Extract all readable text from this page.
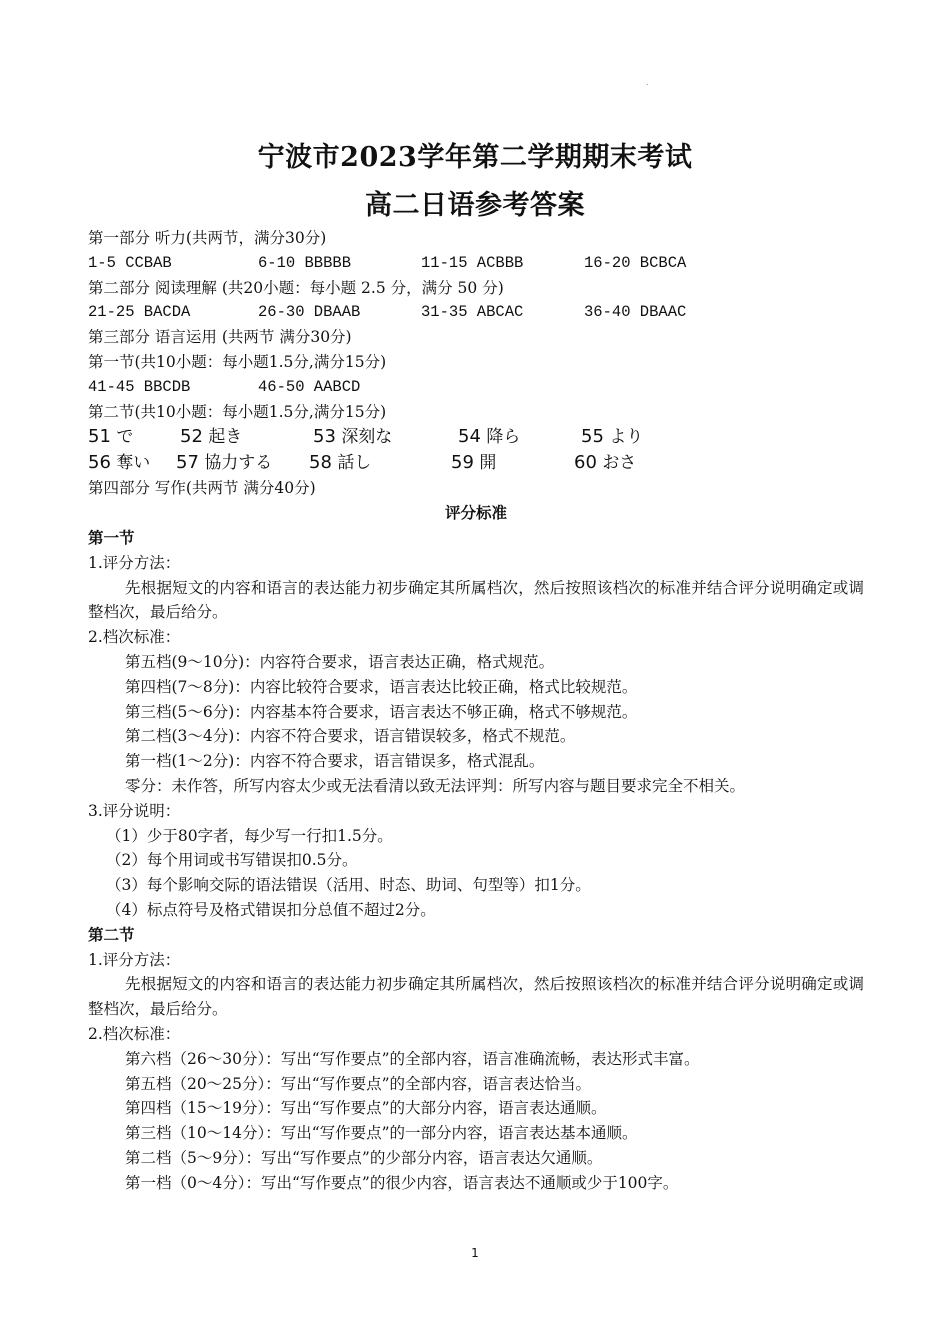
.
宁波市2023学年第二学期期末考试
高二日语参考答案
第一部分 听力(共两节，满分30分)
1-5 CCBAB	6-10 BBBBB	11-15 ACBBB	16-20 BCBCA
第二部分 阅读理解 (共20小题：每小题 2.5 分，满分 50 分)
21-25 BACDA	26-30 DBAAB	31-35 ABCAC	36-40 DBAAC
第三部分 语言运用 (共两节 满分30分)
第一节(共10小题：每小题1.5分,满分15分)
41-45 BBCDB	46-50 AABCD
第二节(共10小题：每小题1.5分,满分15分)
51 で	52 起き	53 深刻な	54 降ら	55 より
56 奪い 57 協力する 58 話し	59 開	60 おさ
第四部分 写作(共两节 满分40分)
评分标准
第一节
1.评分方法：
先根据短文的内容和语言的表达能力初步确定其所属档次，然后按照该档次的标准并结合评分说明确定或调整档次，最后给分。
2.档次标准：
第五档(9～10分)：内容符合要求，语言表达正确，格式规范。
第四档(7～8分)：内容比较符合要求，语言表达比较正确，格式比较规范。
第三档(5～6分)：内容基本符合要求，语言表达不够正确，格式不够规范。
第二档(3～4分)：内容不符合要求，语言错误较多，格式不规范。
第一档(1～2分)：内容不符合要求，语言错误多，格式混乱。
零分：未作答，所写内容太少或无法看清以致无法评判：所写内容与题目要求完全不相关。
3.评分说明：
（1）少于80字者，每少写一行扣1.5分。
（2）每个用词或书写错误扣0.5分。
（3）每个影响交际的语法错误（活用、时态、助词、句型等）扣1分。
（4）标点符号及格式错误扣分总值不超过2分。
第二节
1.评分方法：
先根据短文的内容和语言的表达能力初步确定其所属档次，然后按照该档次的标准并结合评分说明确定或调整档次，最后给分。
2.档次标准：
第六档（26～30分）：写出“写作要点”的全部内容，语言准确流畅，表达形式丰富。
第五档（20～25分）：写出“写作要点”的全部内容，语言表达恰当。
第四档（15～19分）：写出“写作要点”的大部分内容，语言表达通顺。
第三档（10～14分）：写出“写作要点”的一部分内容，语言表达基本通顺。
第二档（5～9分）：写出“写作要点”的少部分内容，语言表达欠通顺。
第一档（0～4分）：写出“写作要点”的很少内容，语言表达不通顺或少于100字。
1
